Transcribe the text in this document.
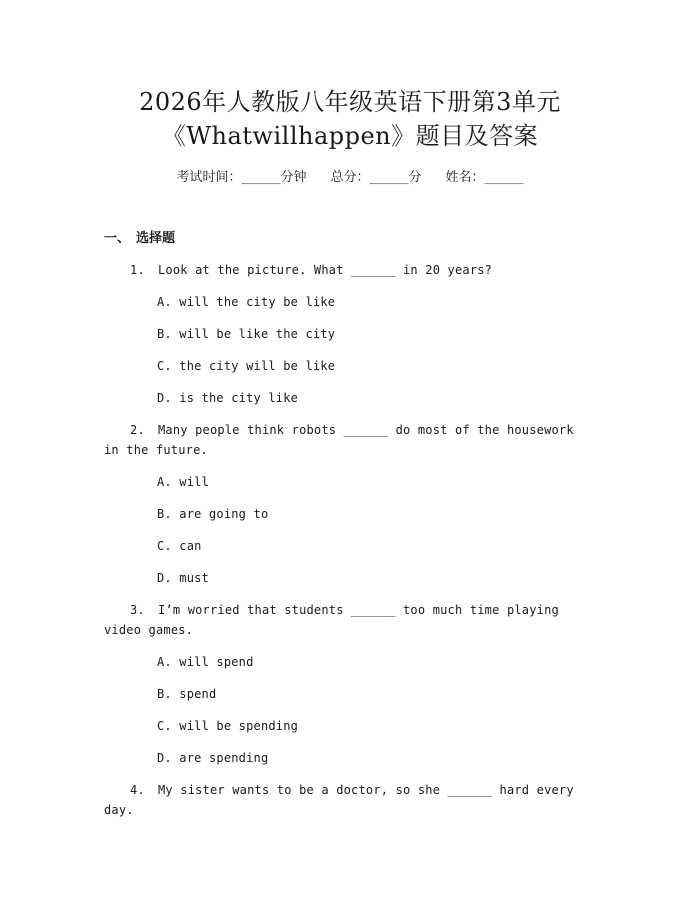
2026年人教版八年级英语下册第3单元
《Whatwillhappen》题目及答案
考试时间：______分钟 总分：______分 姓名：______
一、 选择题
1. Look at the picture. What ______ in 20 years?
A. will the city be like
B. will be like the city
C. the city will be like
D. is the city like
2. Many people think robots ______ do most of the housework in the future.
A. will
B. are going to
C. can
D. must
3. I’m worried that students ______ too much time playing video games.
A. will spend
B. spend
C. will be spending
D. are spending
4. My sister wants to be a doctor, so she ______ hard every day.
